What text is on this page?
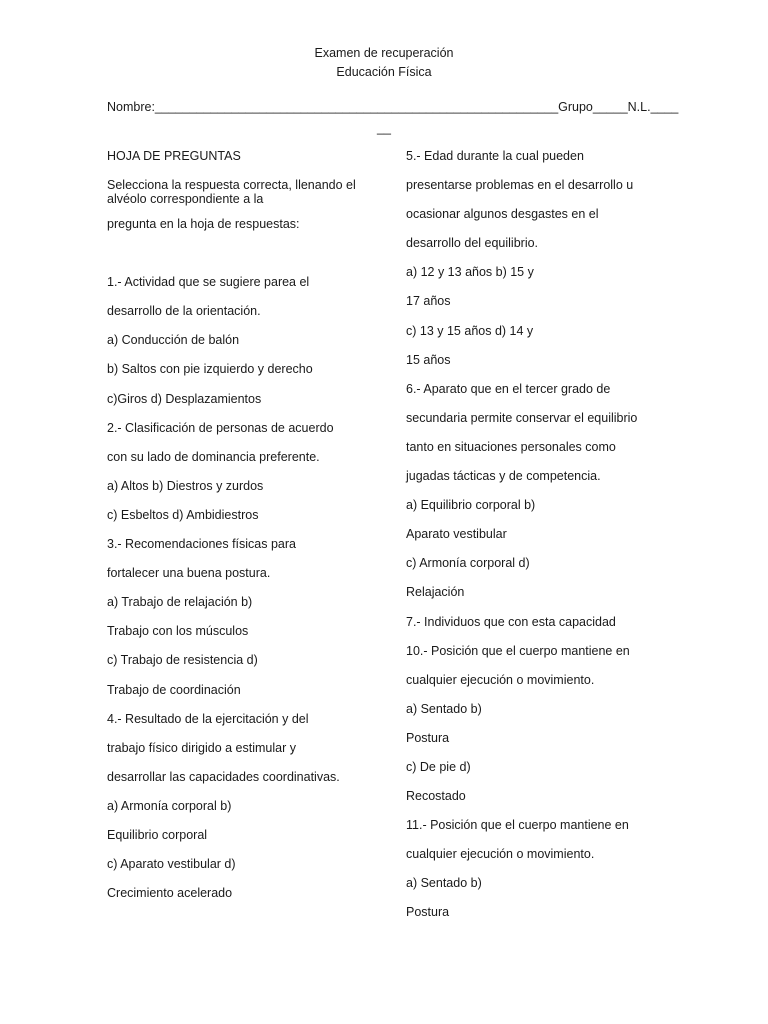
Examen de recuperación
Educación Física
Nombre:__________________________________________________________Grupo_____N.L.____
__
HOJA DE PREGUNTAS
Selecciona la respuesta correcta, llenando el alvéolo correspondiente a la
pregunta en la hoja de respuestas:
1.- Actividad que se sugiere parea el
desarrollo de la orientación.
a) Conducción de balón
b) Saltos con pie izquierdo y derecho
c)Giros d) Desplazamientos
2.- Clasificación de personas de acuerdo
con su lado de dominancia preferente.
a) Altos b) Diestros y zurdos
c) Esbeltos d) Ambidiestros
3.- Recomendaciones físicas para
fortalecer una buena postura.
a) Trabajo de relajación b)
Trabajo con los músculos
c) Trabajo de resistencia d)
Trabajo de coordinación
4.- Resultado de la ejercitación y del
trabajo físico dirigido a estimular y
desarrollar las capacidades coordinativas.
a) Armonía corporal b)
Equilibrio corporal
c) Aparato vestibular d)
Crecimiento acelerado
5.- Edad durante la cual pueden
presentarse problemas en el desarrollo u
ocasionar algunos desgastes en el
desarrollo del equilibrio.
a) 12 y 13 años b) 15 y
17 años
c) 13 y 15 años d) 14 y
15 años
6.- Aparato que en el tercer grado de
secundaria permite conservar el equilibrio
tanto en situaciones personales como
jugadas tácticas y de competencia.
a) Equilibrio corporal b)
Aparato vestibular
c) Armonía corporal d)
Relajación
7.- Individuos que con esta capacidad
10.- Posición que el cuerpo mantiene en
cualquier ejecución o movimiento.
a) Sentado b)
Postura
c) De pie d)
Recostado
11.- Posición que el cuerpo mantiene en
cualquier ejecución o movimiento.
a) Sentado b)
Postura
